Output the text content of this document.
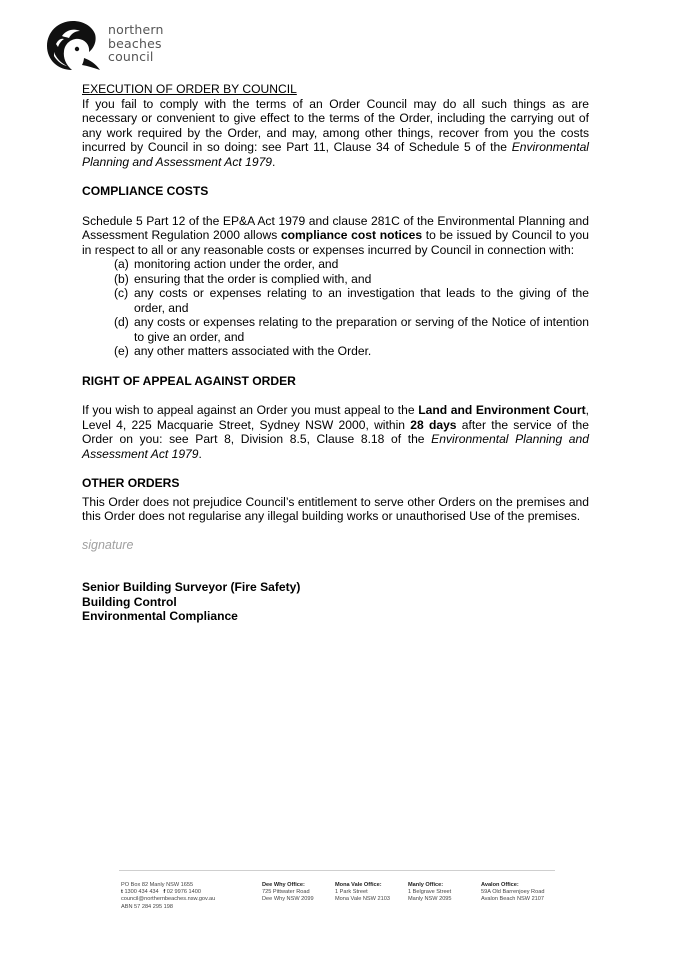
northern
beaches
council
EXECUTION OF ORDER BY COUNCIL

If you fail to comply with the terms of an Order Council may do all such things as are necessary or convenient to give effect to the terms of the Order, including the carrying out of any work required by the Order, and may, among other things, recover from you the costs incurred by Council in so doing: see Part 11, Clause 34 of Schedule 5 of the Environmental Planning and Assessment Act 1979.

COMPLIANCE COSTS

Schedule 5 Part 12 of the EP&A Act 1979 and clause 281C of the Environmental Planning and Assessment Regulation 2000 allows compliance cost notices to be issued by Council to you in respect to all or any reasonable costs or expenses incurred by Council in connection with:

(a) monitoring action under the order, and
(b) ensuring that the order is complied with, and
(c) any costs or expenses relating to an investigation that leads to the giving of the order, and
(d) any costs or expenses relating to the preparation or serving of the Notice of intention to give an order, and
(e) any other matters associated with the Order.
RIGHT OF APPEAL AGAINST ORDER

If you wish to appeal against an Order you must appeal to the Land and Environment Court, Level 4, 225 Macquarie Street, Sydney NSW 2000, within 28 days after the service of the Order on you: see Part 8, Division 8.5, Clause 8.18 of the Environmental Planning and Assessment Act 1979.

OTHER ORDERS

This Order does not prejudice Council’s entitlement to serve other Orders on the premises and this Order does not regularise any illegal building works or unauthorised Use of the premises.

signature
Senior Building Surveyor (Fire Safety)
Building Control
Environmental Compliance
PO Box 82 Manly NSW 1655
t 1300 434 434 f 02 9976 1400
council@northernbeaches.nsw.gov.au
ABN 57 284 295 198
Dee Why Office:
725 Pittwater Road
Dee Why NSW 2099
Mona Vale Office:
1 Park Street
Mona Vale NSW 2103
Manly Office:
1 Belgrave Street
Manly NSW 2095
Avalon Office:
59A Old Barrenjoey Road
Avalon Beach NSW 2107
